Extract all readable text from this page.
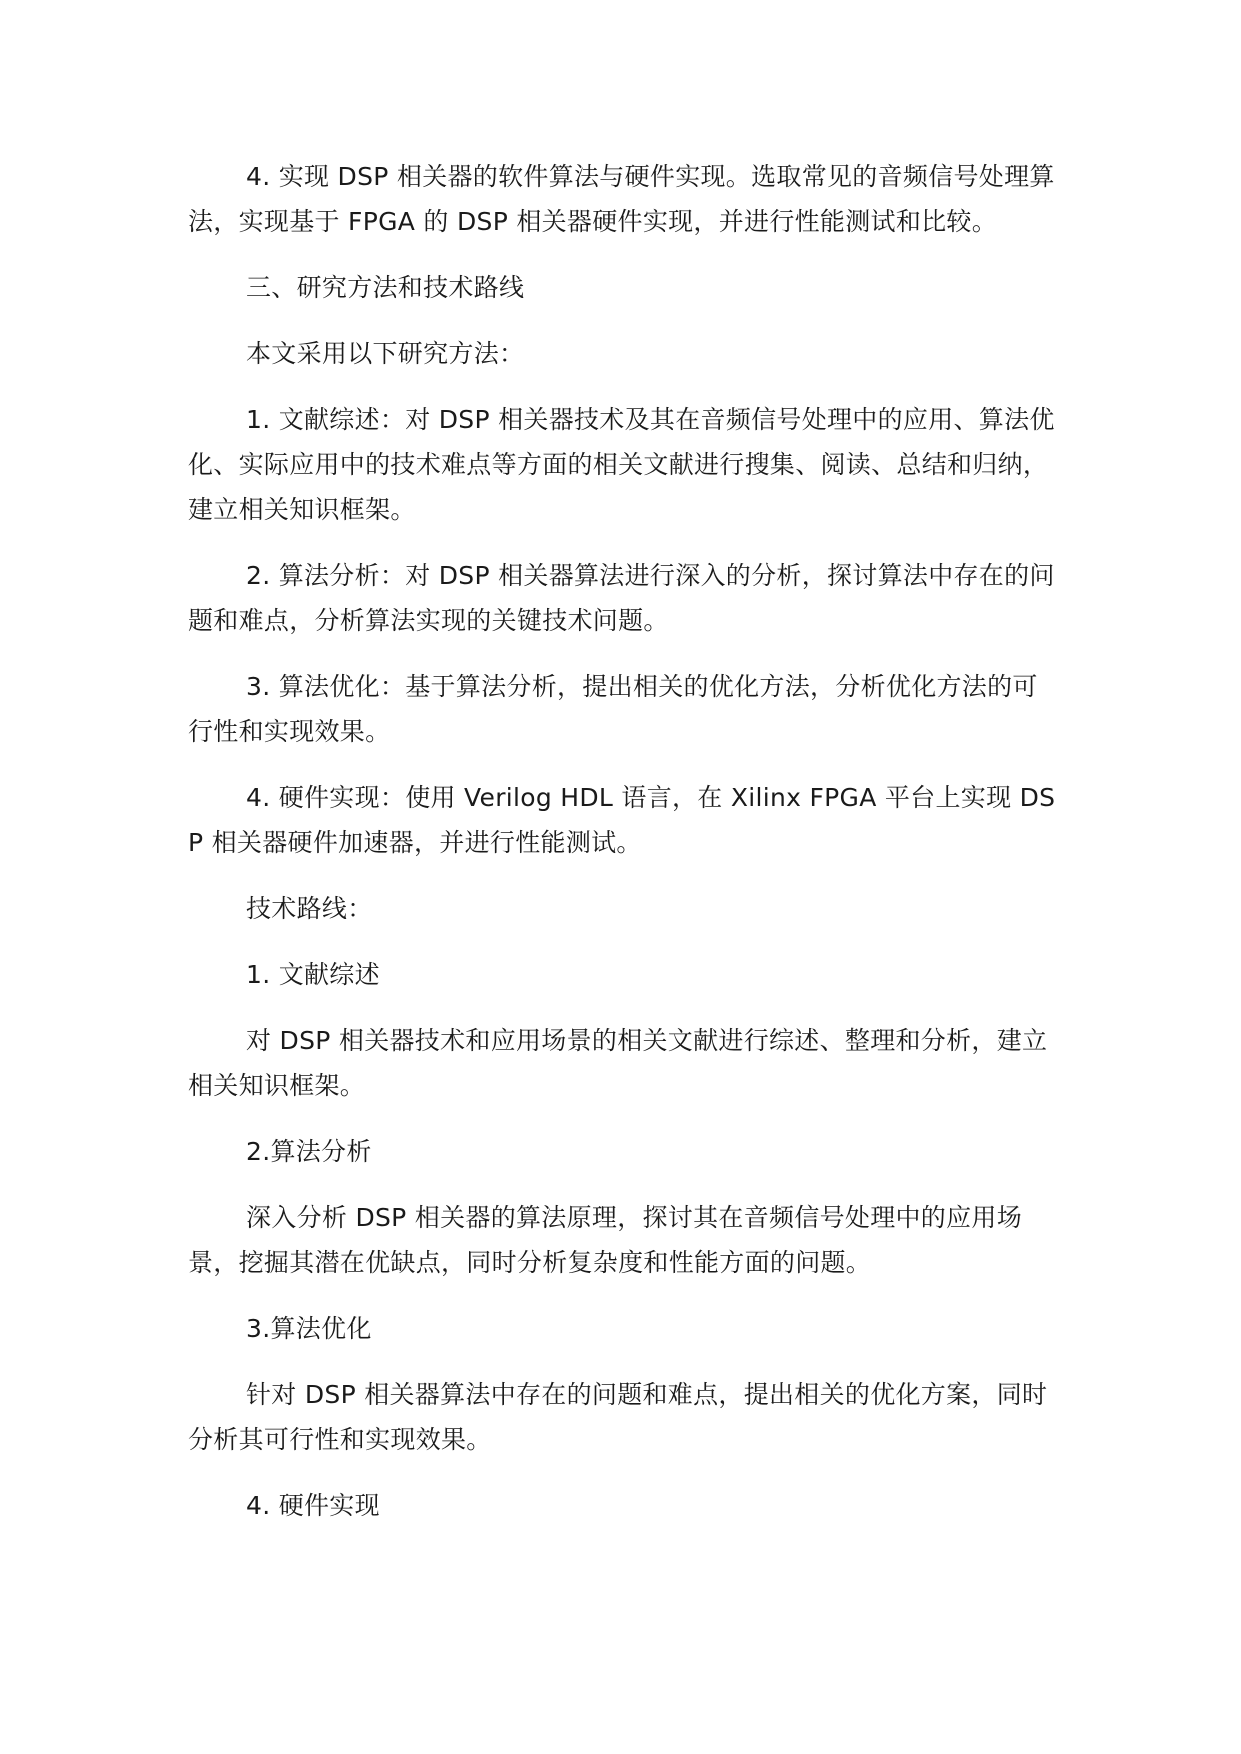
4. 实现 DSP 相关器的软件算法与硬件实现。选取常见的音频信号处理算法，实现基于 FPGA 的 DSP 相关器硬件实现，并进行性能测试和比较。

三、研究方法和技术路线

本文采用以下研究方法：

1. 文献综述：对 DSP 相关器技术及其在音频信号处理中的应用、算法优化、实际应用中的技术难点等方面的相关文献进行搜集、阅读、总结和归纳，建立相关知识框架。

2. 算法分析：对 DSP 相关器算法进行深入的分析，探讨算法中存在的问题和难点，分析算法实现的关键技术问题。

3. 算法优化：基于算法分析，提出相关的优化方法，分析优化方法的可行性和实现效果。

4. 硬件实现：使用 Verilog HDL 语言，在 Xilinx FPGA 平台上实现 DSP 相关器硬件加速器，并进行性能测试。

技术路线：

1. 文献综述

对 DSP 相关器技术和应用场景的相关文献进行综述、整理和分析，建立相关知识框架。

2.算法分析

深入分析 DSP 相关器的算法原理，探讨其在音频信号处理中的应用场景，挖掘其潜在优缺点，同时分析复杂度和性能方面的问题。

3.算法优化

针对 DSP 相关器算法中存在的问题和难点，提出相关的优化方案，同时分析其可行性和实现效果。

4. 硬件实现
